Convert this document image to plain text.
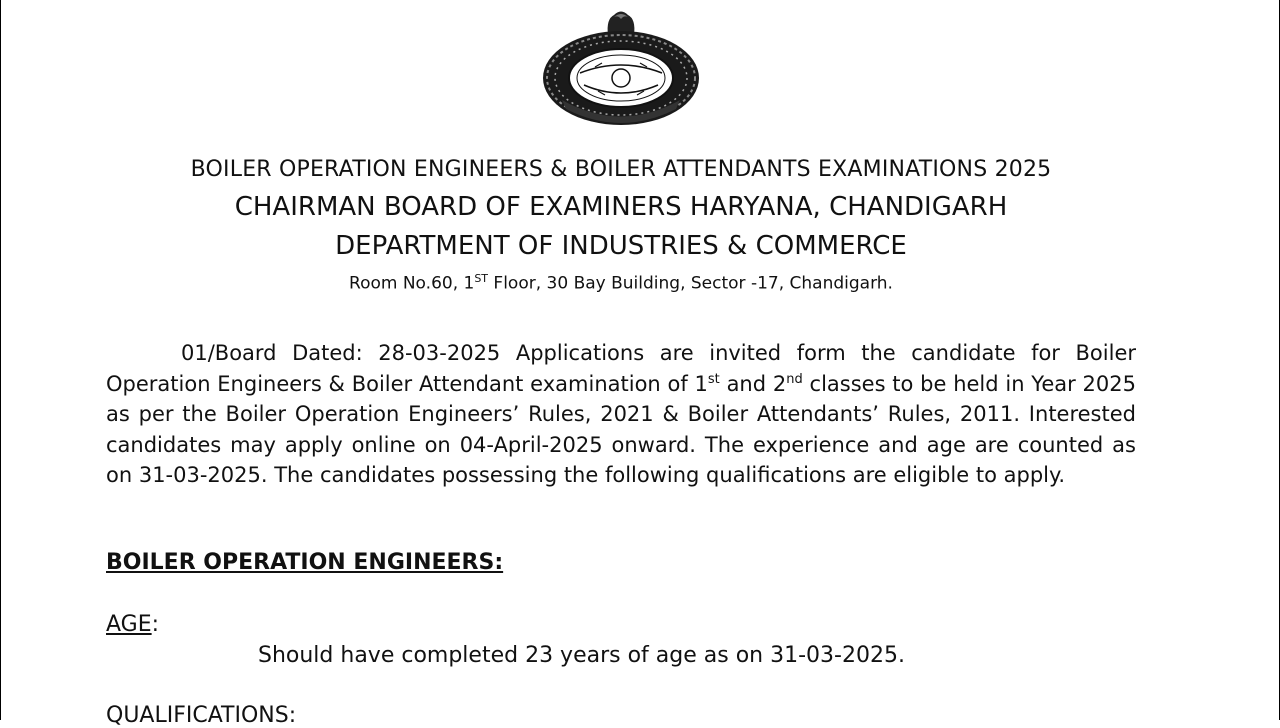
BOILER OPERATION ENGINEERS & BOILER ATTENDANTS EXAMINATIONS 2025
CHAIRMAN BOARD OF EXAMINERS HARYANA, CHANDIGARH
DEPARTMENT OF INDUSTRIES & COMMERCE
Room No.60, 1ST Floor, 30 Bay Building, Sector -17, Chandigarh.
01/Board Dated: 28-03-2025 Applications are invited form the candidate for Boiler Operation Engineers & Boiler Attendant examination of 1st and 2nd classes to be held in Year 2025 as per the Boiler Operation Engineers’ Rules, 2021 & Boiler Attendants’ Rules, 2011. Interested candidates may apply online on 04-April-2025 onward. The experience and age are counted as on 31-03-2025. The candidates possessing the following qualifications are eligible to apply.
BOILER OPERATION ENGINEERS:
AGE:
Should have completed 23 years of age as on 31-03-2025.
QUALIFICATIONS:
